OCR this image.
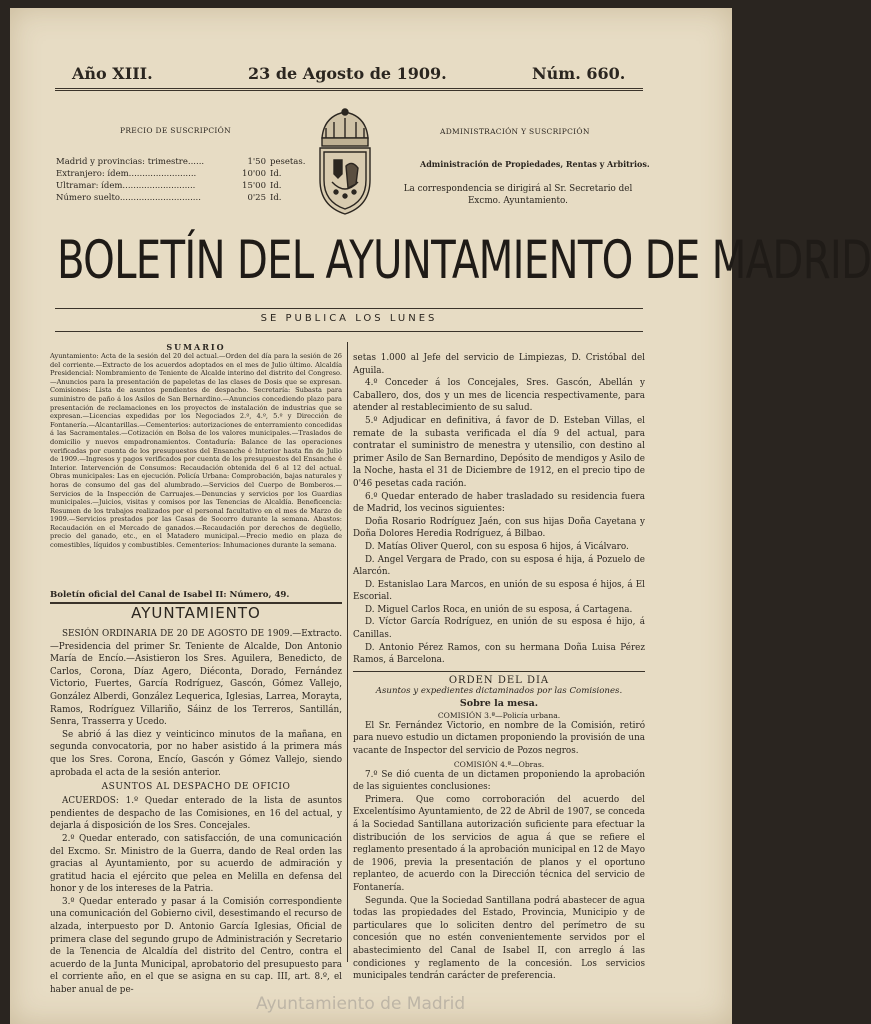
Año XIII.	23 de Agosto de 1909.	Núm. 660.
PRECIO DE SUSCRIPCIÓN
Madrid y provincias: trimestre......	1'50 pesetas.
Extranjero: ídem.........................	10'00 Id.
Ultramar: ídem...........................	15'00 Id.
Número suelto..............................	0'25 Id.
ADMINISTRACIÓN Y SUSCRIPCIÓN
Administración de Propiedades, Rentas y Arbitrios.
La correspondencia se dirigirá al Sr. Secretario del Excmo. Ayuntamiento.
BOLETÍN DEL AYUNTAMIENTO DE MADRID
SE PUBLICA LOS LUNES
SUMARIO
Ayuntamiento: Acta de la sesión del 20 del actual.—Orden del día para la sesión de 26 del corriente.—Extracto de los acuerdos adoptados en el mes de Julio último. Alcaldía Presidencial: Nombramiento de Teniente de Alcalde interino del distrito del Congreso.—Anuncios para la presentación de papeletas de las clases de Dosis que se expresan. Comisiones: Lista de asuntos pendientes de despacho. Secretaría: Subasta para suministro de paño á los Asilos de San Bernardino.—Anuncios concediendo plazo para presentación de reclamaciones en los proyectos de instalación de industrias que se expresan.—Licencias expedidas por los Negociados 2.º, 4.º, 5.º y Dirección de Fontanería.—Alcantarillas.—Cementerios: autorizaciones de enterramiento concedidas á las Sacramentales.—Cotización en Bolsa de los valores municipales.—Traslados de domicilio y nuevos empadronamientos. Contaduría: Balance de las operaciones verificadas por cuenta de los presupuestos del Ensanche é Interior hasta fin de Julio de 1909.—Ingresos y pagos verificados por cuenta de los presupuestos del Ensanche é Interior. Intervención de Consumos: Recaudación obtenida del 6 al 12 del actual. Obras municipales: Las en ejecución. Policía Urbana: Comprobación, bajas naturales y horas de consumo del gas del alumbrado.—Servicios del Cuerpo de Bomberos.—Servicios de la Inspección de Carruajes.—Denuncias y servicios por los Guardias municipales.—Juicios, visitas y comisos por las Tenencias de Alcaldía. Beneficencia: Resumen de los trabajos realizados por el personal facultativo en el mes de Marzo de 1909.—Servicios prestados por las Casas de Socorro durante la semana. Abastos: Recaudación en el Mercado de ganados.—Recaudación por derechos de degüello, precio del ganado, etc., en el Matadero municipal.—Precio medio en plaza de comestibles, líquidos y combustibles. Cementerios: Inhumaciones durante la semana.
Boletín oficial del Canal de Isabel II: Número, 49.
AYUNTAMIENTO

SESIÓN ORDINARIA DE 20 DE AGOSTO DE 1909.—Extracto.—Presidencia del primer Sr. Teniente de Alcalde, Don Antonio María de Encío.—Asistieron los Sres. Aguilera, Benedicto, de Carlos, Corona, Díaz Agero, Diéconta, Dorado, Fernández Victorio, Fuertes, García Rodríguez, Gascón, Gómez Vallejo, González Alberdi, González Lequerica, Iglesias, Larrea, Morayta, Ramos, Rodríguez Villariño, Sáinz de los Terreros, Santillán, Senra, Trasserra y Ucedo.

Se abrió á las diez y veinticinco minutos de la mañana, en segunda convocatoria, por no haber asistido á la primera más que los Sres. Corona, Encío, Gascón y Gómez Vallejo, siendo aprobada el acta de la sesión anterior.

ASUNTOS AL DESPACHO DE OFICIO

ACUERDOS: 1.º Quedar enterado de la lista de asuntos pendientes de despacho de las Comisiones, en 16 del actual, y dejarla á disposición de los Sres. Concejales.

2.º Quedar enterado, con satisfacción, de una comunicación del Excmo. Sr. Ministro de la Guerra, dando de Real orden las gracias al Ayuntamiento, por su acuerdo de admiración y gratitud hacia el ejército que pelea en Melilla en defensa del honor y de los intereses de la Patria.

3.º Quedar enterado y pasar á la Comisión correspondiente una comunicación del Gobierno civil, desestimando el recurso de alzada, interpuesto por D. Antonio García Iglesias, Oficial de primera clase del segundo grupo de Administración y Secretario de la Tenencia de Alcaldía del distrito del Centro, contra el acuerdo de la Junta Municipal, aprobatorio del presupuesto para el corriente año, en el que se asigna en su cap. III, art. 8.º, el haber anual de pe-

setas 1.000 al Jefe del servicio de Limpiezas, D. Cristóbal del Aguila.

4.º Conceder á los Concejales, Sres. Gascón, Abellán y Caballero, dos, dos y un mes de licencia respectivamente, para atender al restablecimiento de su salud.

5.º Adjudicar en definitiva, á favor de D. Esteban Villas, el remate de la subasta verificada el día 9 del actual, para contratar el suministro de menestra y utensilio, con destino al primer Asilo de San Bernardino, Depósito de mendigos y Asilo de la Noche, hasta el 31 de Diciembre de 1912, en el precio tipo de 0'46 pesetas cada ración.

6.º Quedar enterado de haber trasladado su residencia fuera de Madrid, los vecinos siguientes:

Doña Rosario Rodríguez Jaén, con sus hijas Doña Cayetana y Doña Dolores Heredia Rodríguez, á Bilbao.

D. Matías Oliver Querol, con su esposa 6 hijos, á Vicálvaro.

D. Angel Vergara de Prado, con su esposa é hija, á Pozuelo de Alarcón.

D. Estanislao Lara Marcos, en unión de su esposa é hijos, á El Escorial.

D. Miguel Carlos Roca, en unión de su esposa, á Cartagena.

D. Víctor García Rodríguez, en unión de su esposa é hijo, á Canillas.

D. Antonio Pérez Ramos, con su hermana Doña Luisa Pérez Ramos, á Barcelona.

ORDEN DEL DIA
Asuntos y expedientes dictaminados por las Comisiones.
Sobre la mesa.
COMISIÓN 3.ª—Policía urbana.

El Sr. Fernández Victorio, en nombre de la Comisión, retiró para nuevo estudio un dictamen proponiendo la provisión de una vacante de Inspector del servicio de Pozos negros.

COMISIÓN 4.ª—Obras.

7.º Se dió cuenta de un dictamen proponiendo la aprobación de las siguientes conclusiones:

Primera. Que como corroboración del acuerdo del Excelentísimo Ayuntamiento, de 22 de Abril de 1907, se conceda á la Sociedad Santillana autorización suficiente para efectuar la distribución de los servicios de agua á que se refiere el reglamento presentado á la aprobación municipal en 12 de Mayo de 1906, previa la presentación de planos y el oportuno replanteo, de acuerdo con la Dirección técnica del servicio de Fontanería.

Segunda. Que la Sociedad Santillana podrá abastecer de agua todas las propiedades del Estado, Provincia, Municipio y de particulares que lo soliciten dentro del perímetro de su concesión que no estén convenientemente servidos por el abastecimiento del Canal de Isabel II, con arreglo á las condiciones y reglamento de la concesión. Los servicios municipales tendrán carácter de preferencia.

Ayuntamiento de Madrid
